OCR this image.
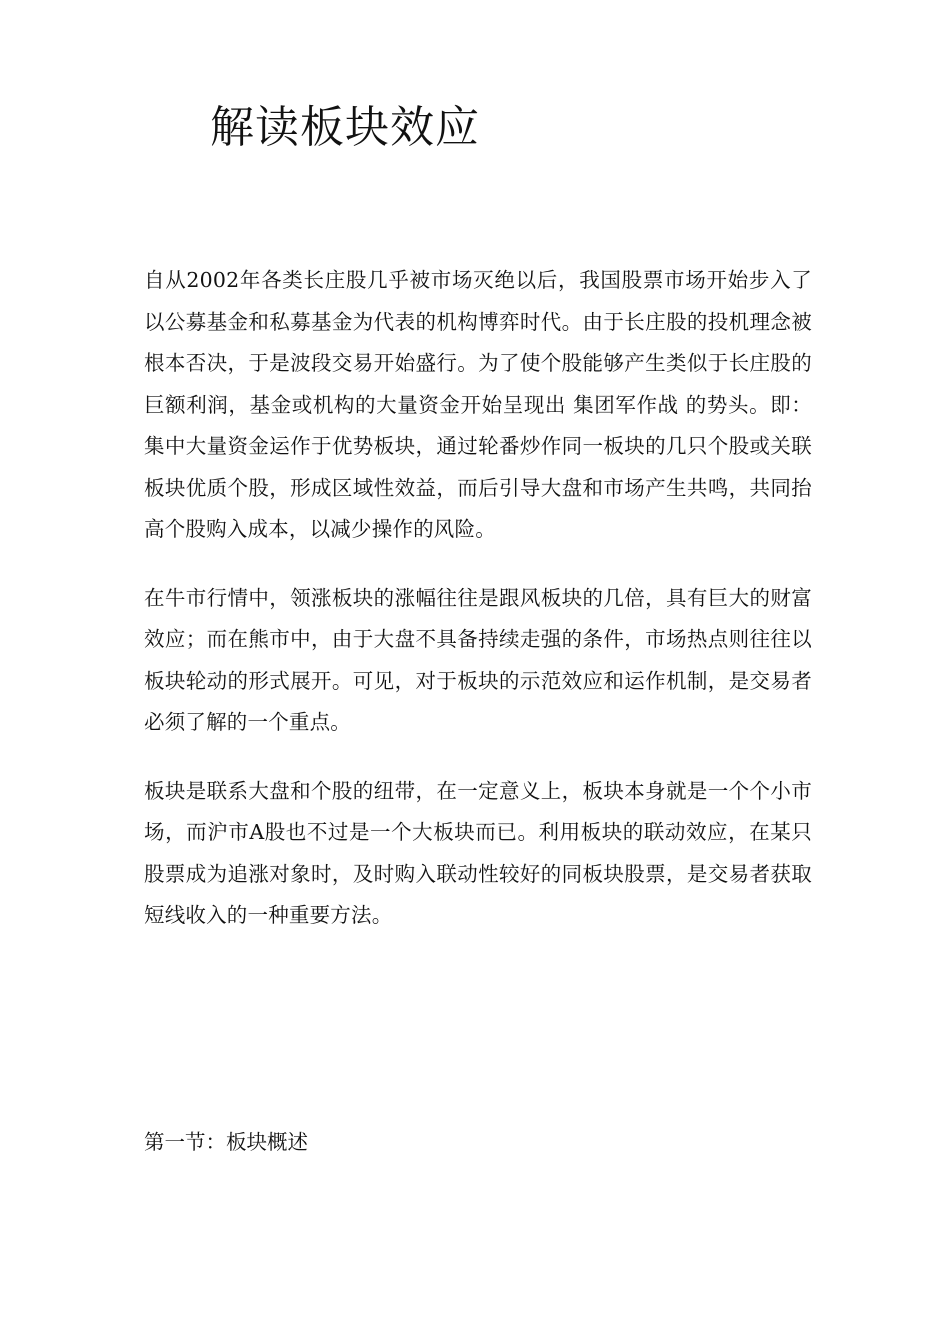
解读板块效应

自从2002年各类长庄股几乎被市场灭绝以后，我国股票市场开始步入了以公募基金和私募基金为代表的机构博弈时代。由于长庄股的投机理念被根本否决，于是波段交易开始盛行。为了使个股能够产生类似于长庄股的巨额利润，基金或机构的大量资金开始呈现出 集团军作战 的势头。即：集中大量资金运作于优势板块，通过轮番炒作同一板块的几只个股或关联板块优质个股，形成区域性效益，而后引导大盘和市场产生共鸣，共同抬高个股购入成本，以减少操作的风险。

在牛市行情中，领涨板块的涨幅往往是跟风板块的几倍，具有巨大的财富效应；而在熊市中，由于大盘不具备持续走强的条件，市场热点则往往以板块轮动的形式展开。可见，对于板块的示范效应和运作机制，是交易者必须了解的一个重点。

板块是联系大盘和个股的纽带，在一定意义上，板块本身就是一个个小市场，而沪市A股也不过是一个大板块而已。利用板块的联动效应，在某只股票成为追涨对象时，及时购入联动性较好的同板块股票，是交易者获取短线收入的一种重要方法。

第一节：板块概述
